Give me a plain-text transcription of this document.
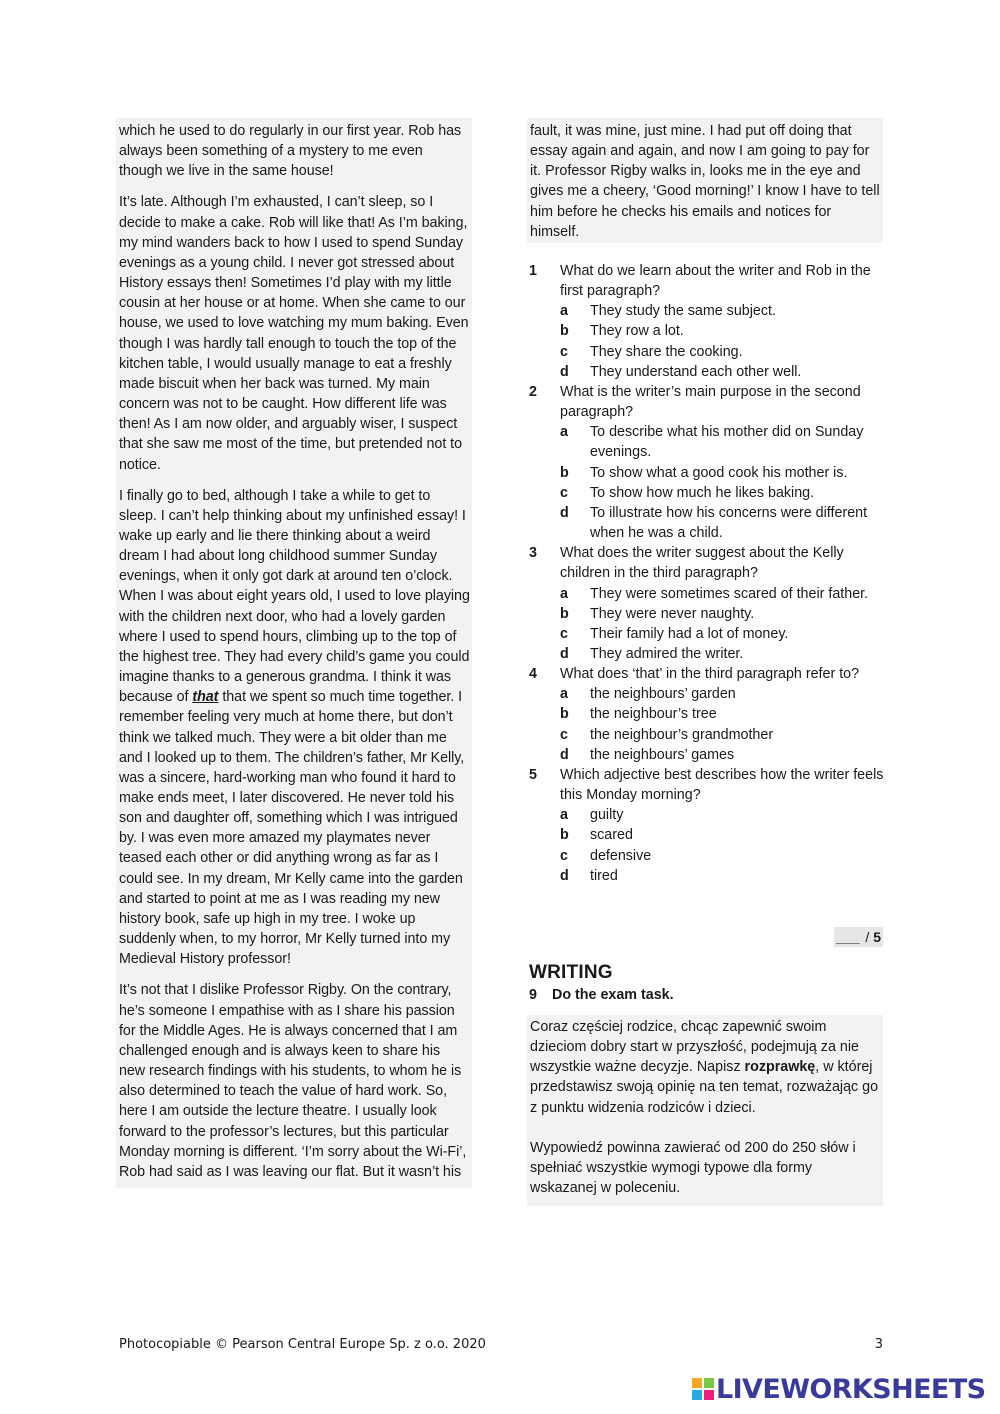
which he used to do regularly in our first year. Rob has always been something of a mystery to me even though we live in the same house!

It’s late. Although I’m exhausted, I can’t sleep, so I decide to make a cake. Rob will like that! As I’m baking, my mind wanders back to how I used to spend Sunday evenings as a young child. I never got stressed about History essays then! Sometimes I’d play with my little cousin at her house or at home. When she came to our house, we used to love watching my mum baking. Even though I was hardly tall enough to touch the top of the kitchen table, I would usually manage to eat a freshly made biscuit when her back was turned. My main concern was not to be caught. How different life was then! As I am now older, and arguably wiser, I suspect that she saw me most of the time, but pretended not to notice.

I finally go to bed, although I take a while to get to sleep. I can’t help thinking about my unfinished essay! I wake up early and lie there thinking about a weird dream I had about long childhood summer Sunday evenings, when it only got dark at around ten o’clock. When I was about eight years old, I used to love playing with the children next door, who had a lovely garden where I used to spend hours, climbing up to the top of the highest tree. They had every child’s game you could imagine thanks to a generous grandma. I think it was because of that that we spent so much time together. I remember feeling very much at home there, but don’t think we talked much. They were a bit older than me and I looked up to them. The children’s father, Mr Kelly, was a sincere, hard-working man who found it hard to make ends meet, I later discovered. He never told his son and daughter off, something which I was intrigued by. I was even more amazed my playmates never teased each other or did anything wrong as far as I could see. In my dream, Mr Kelly came into the garden and started to point at me as I was reading my new history book, safe up high in my tree. I woke up suddenly when, to my horror, Mr Kelly turned into my Medieval History professor!

It’s not that I dislike Professor Rigby. On the contrary, he’s someone I empathise with as I share his passion for the Middle Ages. He is always concerned that I am challenged enough and is always keen to share his new research findings with his students, to whom he is also determined to teach the value of hard work. So, here I am outside the lecture theatre. I usually look forward to the professor’s lectures, but this particular Monday morning is different. ‘I’m sorry about the Wi-Fi’, Rob had said as I was leaving our flat. But it wasn’t his

fault, it was mine, just mine. I had put off doing that essay again and again, and now I am going to pay for it. Professor Rigby walks in, looks me in the eye and gives me a cheery, ‘Good morning!’ I know I have to tell him before he checks his emails and notices for himself.

1 What do we learn about the writer and Rob in the first paragraph?
a They study the same subject.
b They row a lot.
c They share the cooking.
d They understand each other well.
2 What is the writer’s main purpose in the second paragraph?
a To describe what his mother did on Sunday evenings.
b To show what a good cook his mother is.
c To show how much he likes baking.
d To illustrate how his concerns were different when he was a child.
3 What does the writer suggest about the Kelly children in the third paragraph?
a They were sometimes scared of their father.
b They were never naughty.
c Their family had a lot of money.
d They admired the writer.
4 What does ‘that’ in the third paragraph refer to?
a the neighbours’ garden
b the neighbour’s tree
c the neighbour’s grandmother
d the neighbours’ games
5 Which adjective best describes how the writer feels this Monday morning?
a guilty
b scared
c defensive
d tired
___ / 5
WRITING
9 Do the exam task.

Coraz częściej rodzice, chcąc zapewnić swoim dzieciom dobry start w przyszłość, podejmują za nie wszystkie ważne decyzje. Napisz rozprawkę, w której przedstawisz swoją opinię na ten temat, rozważając go z punktu widzenia rodziców i dzieci.

Wypowiedź powinna zawierać od 200 do 250 słów i spełniać wszystkie wymogi typowe dla formy wskazanej w poleceniu.

Photocopiable © Pearson Central Europe Sp. z o.o. 2020	3
LIVEWORKSHEETS
